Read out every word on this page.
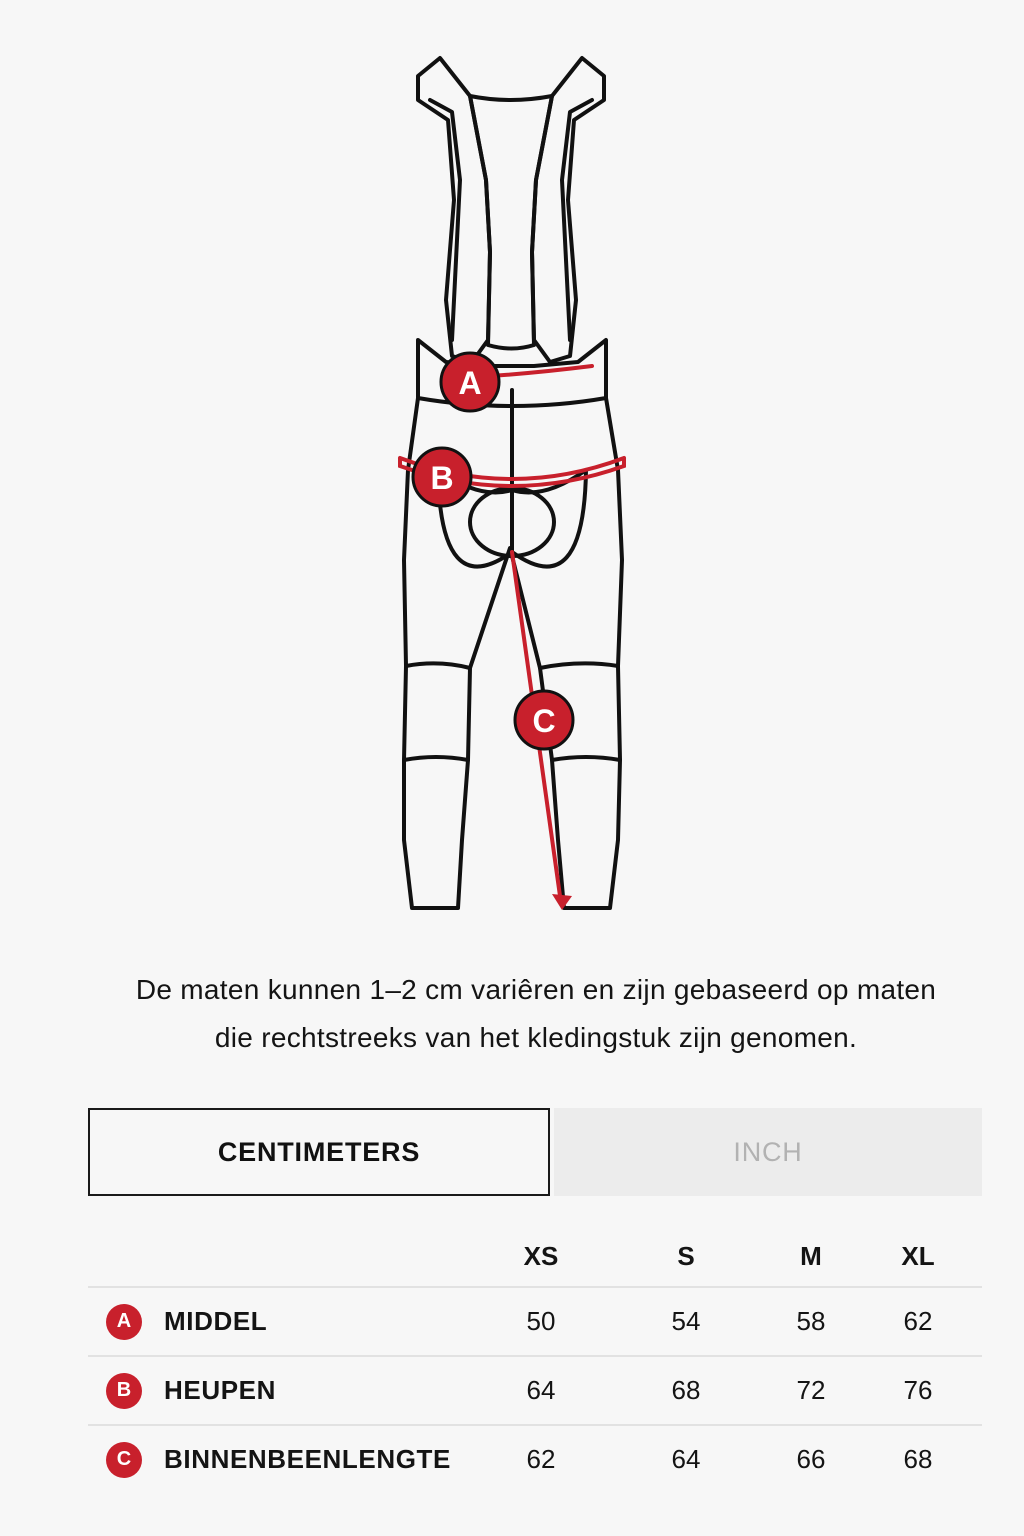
A
B
C
De maten kunnen 1–2 cm variêren en zijn gebaseerd op maten
die rechtstreeks van het kledingstuk zijn genomen.
CENTIMETERS	INCH
	XS	S	M	XL

A MIDDEL	50	54	58	62

B HEUPEN	64	68	72	76

C BINNENBEENLENGTE	62	64	66	68
